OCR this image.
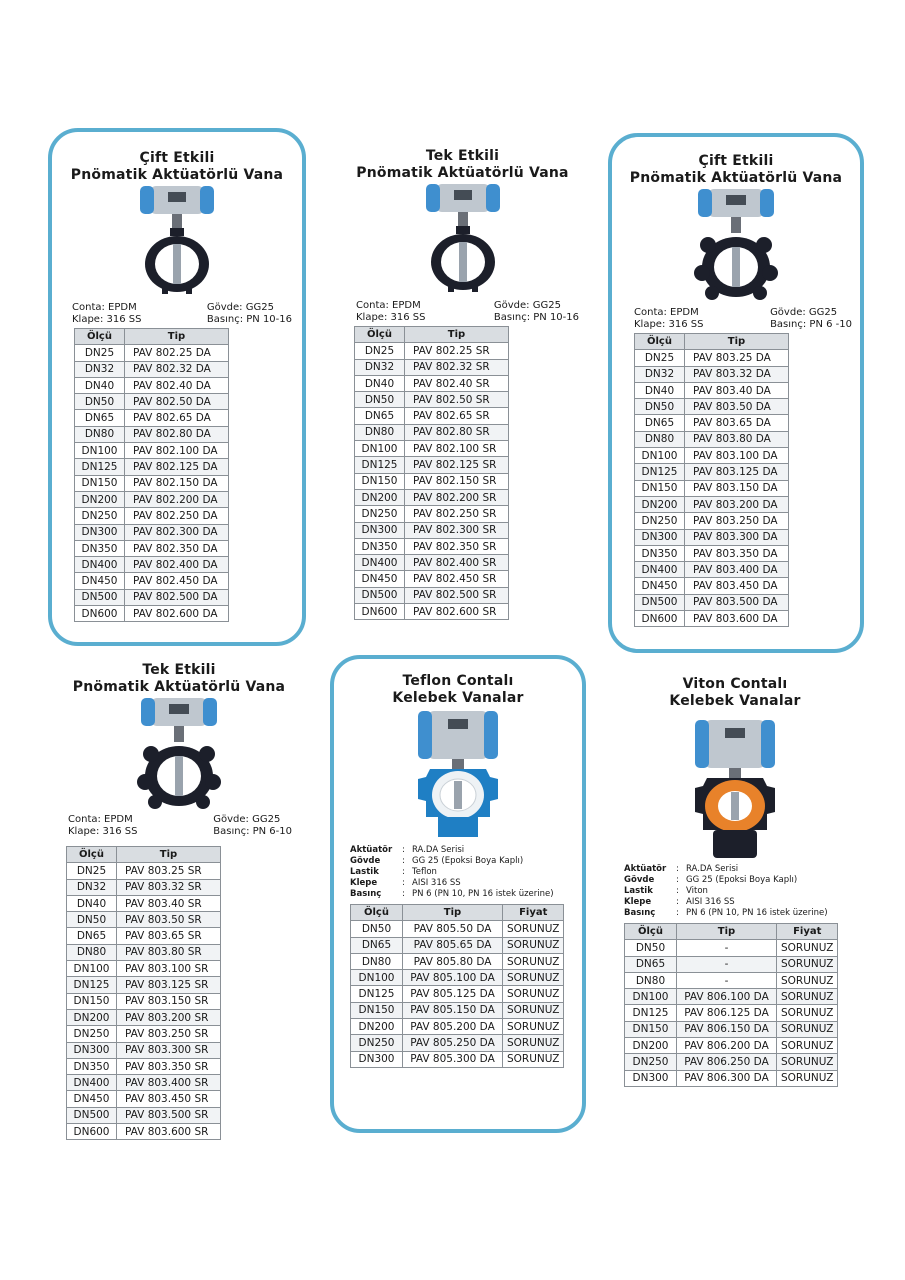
Çift Etkili
Pnömatik Aktüatörlü Vana
Conta: EPDM
Klape: 316 SS
Gövde: GG25
Basınç: PN 10-16
Ölçü	Tip
DN25	PAV 802.25 DA
DN32	PAV 802.32 DA
DN40	PAV 802.40 DA
DN50	PAV 802.50 DA
DN65	PAV 802.65 DA
DN80	PAV 802.80 DA
DN100	PAV 802.100 DA
DN125	PAV 802.125 DA
DN150	PAV 802.150 DA
DN200	PAV 802.200 DA
DN250	PAV 802.250 DA
DN300	PAV 802.300 DA
DN350	PAV 802.350 DA
DN400	PAV 802.400 DA
DN450	PAV 802.450 DA
DN500	PAV 802.500 DA
DN600	PAV 802.600 DA
Tek Etkili
Pnömatik Aktüatörlü Vana
Conta: EPDM
Klape: 316 SS
Gövde: GG25
Basınç: PN 10-16
Ölçü	Tip
DN25	PAV 802.25 SR
DN32	PAV 802.32 SR
DN40	PAV 802.40 SR
DN50	PAV 802.50 SR
DN65	PAV 802.65 SR
DN80	PAV 802.80 SR
DN100	PAV 802.100 SR
DN125	PAV 802.125 SR
DN150	PAV 802.150 SR
DN200	PAV 802.200 SR
DN250	PAV 802.250 SR
DN300	PAV 802.300 SR
DN350	PAV 802.350 SR
DN400	PAV 802.400 SR
DN450	PAV 802.450 SR
DN500	PAV 802.500 SR
DN600	PAV 802.600 SR
Çift Etkili
Pnömatik Aktüatörlü Vana
Conta: EPDM
Klape: 316 SS
Gövde: GG25
Basınç: PN 6 -10
Ölçü	Tip
DN25	PAV 803.25 DA
DN32	PAV 803.32 DA
DN40	PAV 803.40 DA
DN50	PAV 803.50 DA
DN65	PAV 803.65 DA
DN80	PAV 803.80 DA
DN100	PAV 803.100 DA
DN125	PAV 803.125 DA
DN150	PAV 803.150 DA
DN200	PAV 803.200 DA
DN250	PAV 803.250 DA
DN300	PAV 803.300 DA
DN350	PAV 803.350 DA
DN400	PAV 803.400 DA
DN450	PAV 803.450 DA
DN500	PAV 803.500 DA
DN600	PAV 803.600 DA
Tek Etkili
Pnömatik Aktüatörlü Vana
Conta: EPDM
Klape: 316 SS
Gövde: GG25
Basınç: PN 6-10
Ölçü	Tip
DN25	PAV 803.25 SR
DN32	PAV 803.32 SR
DN40	PAV 803.40 SR
DN50	PAV 803.50 SR
DN65	PAV 803.65 SR
DN80	PAV 803.80 SR
DN100	PAV 803.100 SR
DN125	PAV 803.125 SR
DN150	PAV 803.150 SR
DN200	PAV 803.200 SR
DN250	PAV 803.250 SR
DN300	PAV 803.300 SR
DN350	PAV 803.350 SR
DN400	PAV 803.400 SR
DN450	PAV 803.450 SR
DN500	PAV 803.500 SR
DN600	PAV 803.600 SR
Teflon Contalı
Kelebek Vanalar
Aktüatör	: RA.DA Serisi
Gövde	: GG 25 (Epoksi Boya Kaplı)
Lastik	: Teflon
Klepe	: AISI 316 SS
Basınç	: PN 6 (PN 10, PN 16 istek üzerine)
Ölçü	Tip	Fiyat
DN50	PAV 805.50 DA	SORUNUZ
DN65	PAV 805.65 DA	SORUNUZ
DN80	PAV 805.80 DA	SORUNUZ
DN100	PAV 805.100 DA	SORUNUZ
DN125	PAV 805.125 DA	SORUNUZ
DN150	PAV 805.150 DA	SORUNUZ
DN200	PAV 805.200 DA	SORUNUZ
DN250	PAV 805.250 DA	SORUNUZ
DN300	PAV 805.300 DA	SORUNUZ
Viton Contalı
Kelebek Vanalar
Aktüatör	: RA.DA Serisi
Gövde	: GG 25 (Epoksi Boya Kaplı)
Lastik	: Viton
Klepe	: AISI 316 SS
Basınç	: PN 6 (PN 10, PN 16 istek üzerine)
Ölçü	Tip	Fiyat
DN50	-	SORUNUZ
DN65	-	SORUNUZ
DN80	-	SORUNUZ
DN100	PAV 806.100 DA	SORUNUZ
DN125	PAV 806.125 DA	SORUNUZ
DN150	PAV 806.150 DA	SORUNUZ
DN200	PAV 806.200 DA	SORUNUZ
DN250	PAV 806.250 DA	SORUNUZ
DN300	PAV 806.300 DA	SORUNUZ
